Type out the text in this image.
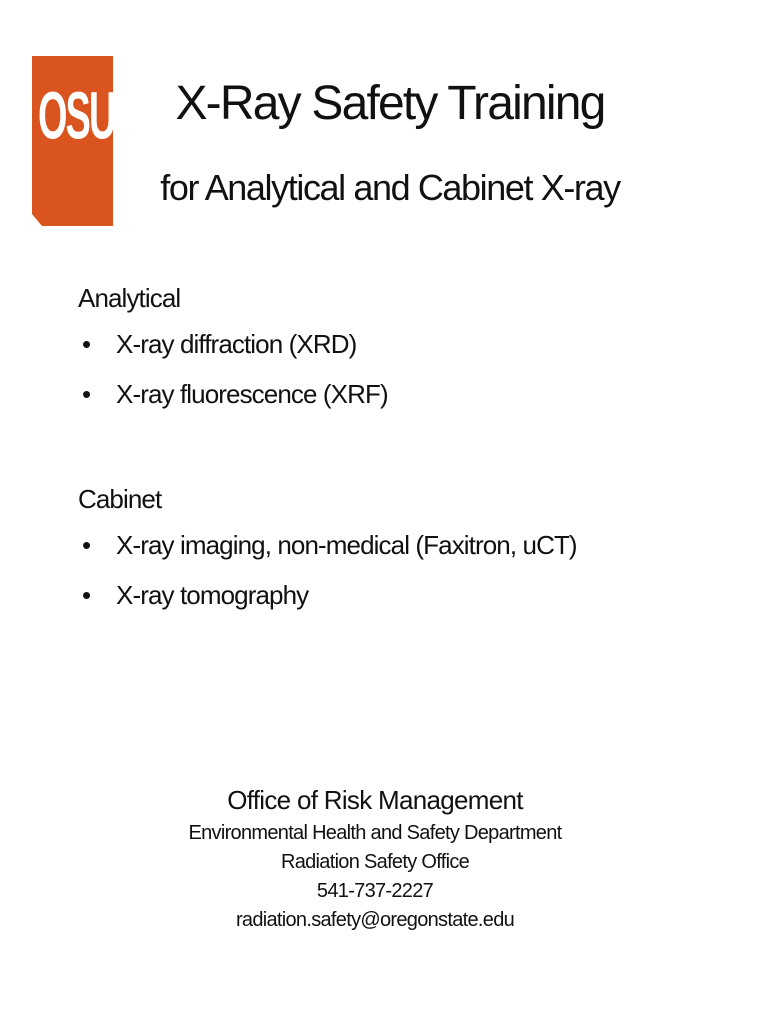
OSU
Oregon State
UNIVERSITY
X-Ray Safety Training
for Analytical and Cabinet X-ray
Analytical
• X-ray diffraction (XRD)
• X-ray fluorescence (XRF)
Cabinet
• X-ray imaging, non-medical (Faxitron, uCT)
• X-ray tomography
Office of Risk Management
Environmental Health and Safety Department
Radiation Safety Office
541-737-2227
radiation.safety@oregonstate.edu
